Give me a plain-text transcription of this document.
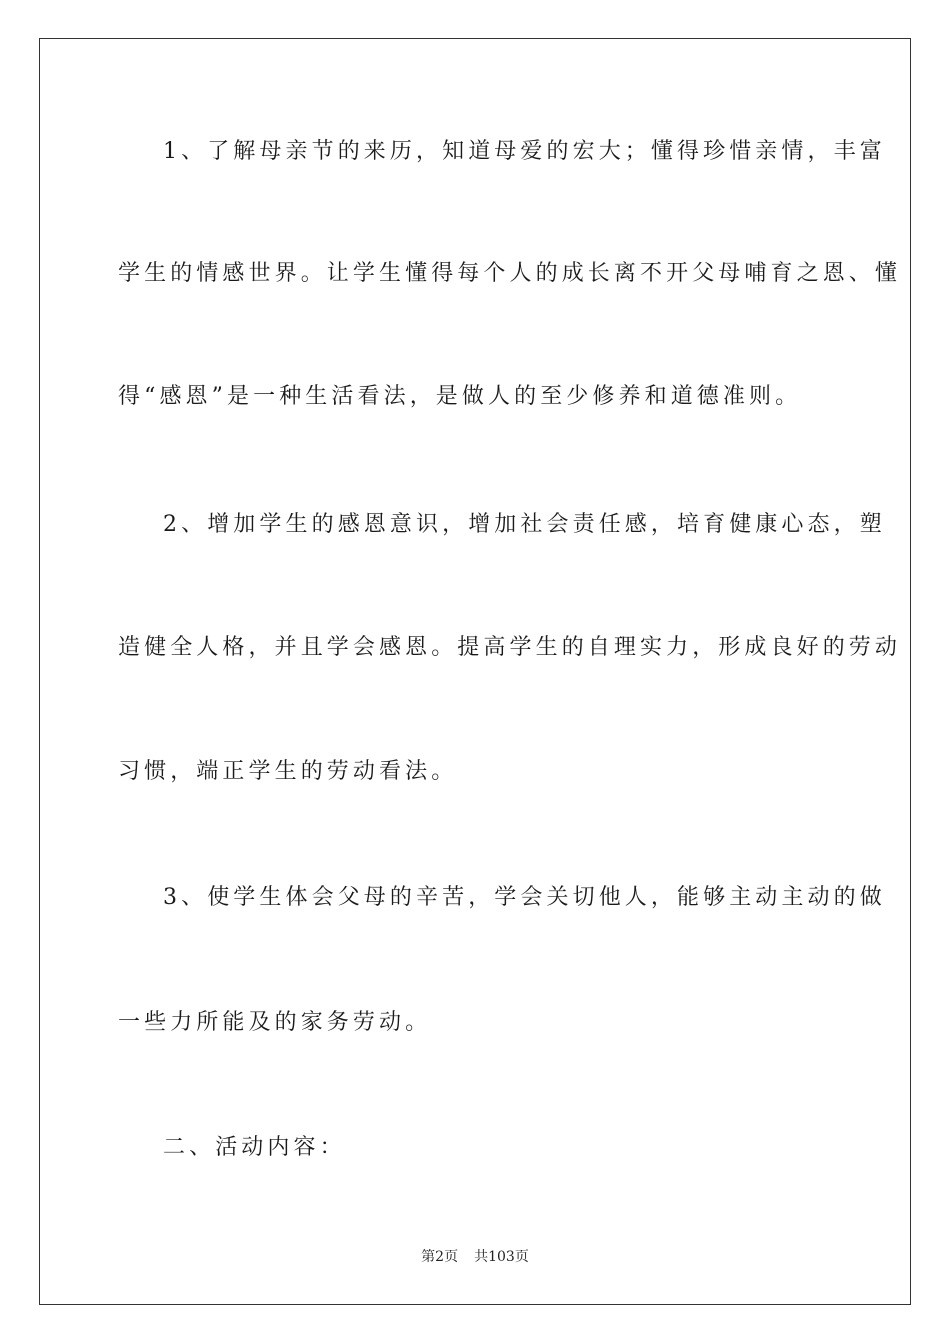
1、了解母亲节的来历，知道母爱的宏大；懂得珍惜亲情，丰富
学生的情感世界。让学生懂得每个人的成长离不开父母哺育之恩、懂
得“感恩”是一种生活看法，是做人的至少修养和道德准则。
2、增加学生的感恩意识，增加社会责任感，培育健康心态，塑
造健全人格，并且学会感恩。提高学生的自理实力，形成良好的劳动
习惯，端正学生的劳动看法。
3、使学生体会父母的辛苦，学会关切他人，能够主动主动的做
一些力所能及的家务劳动。
二、活动内容：
第2页 共103页
